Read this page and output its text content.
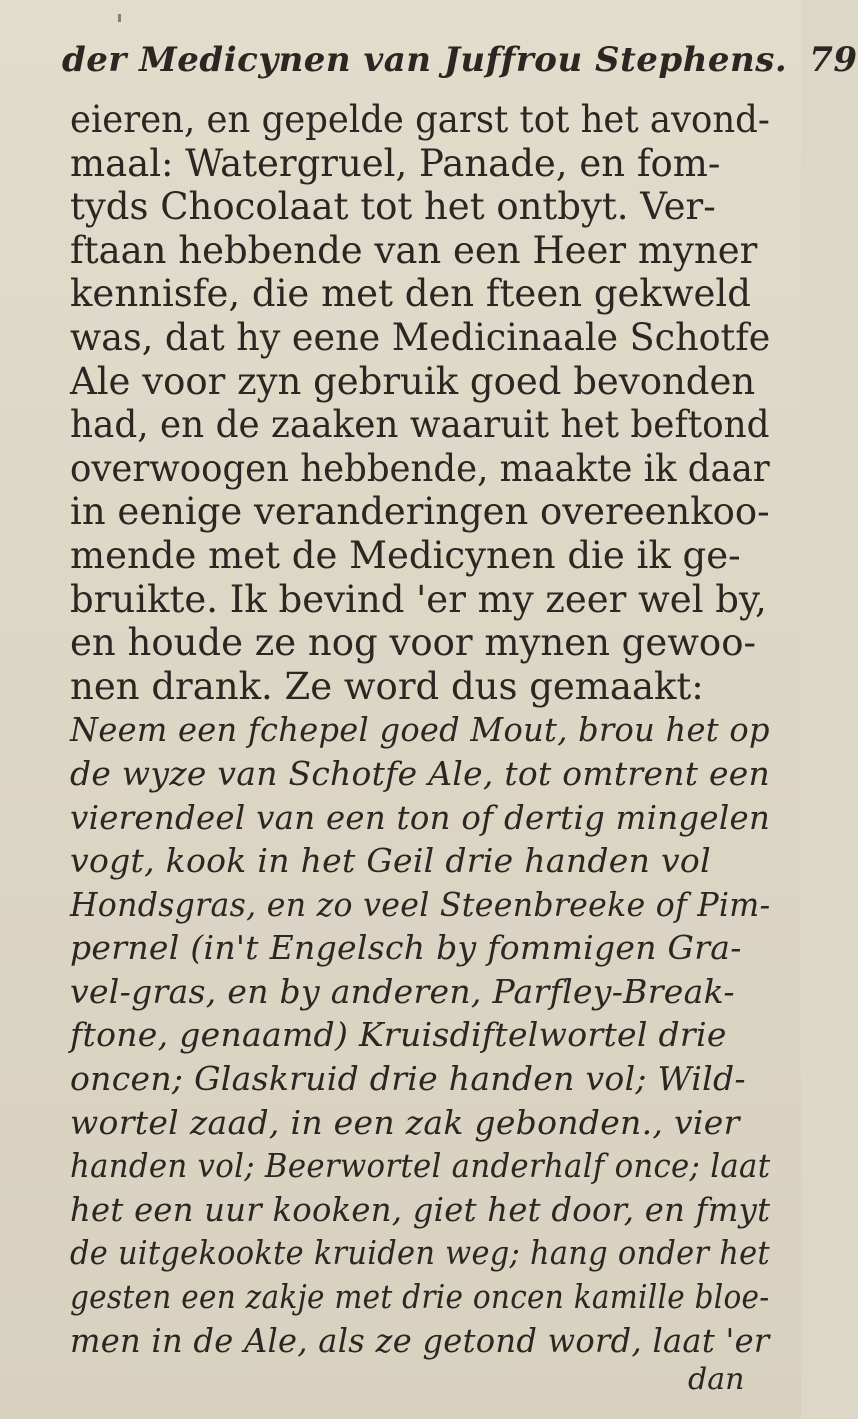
der Medicynen van Juffrou Stephens. 79
eieren, en gepelde garst tot het avond-
maal: Watergruel, Panade, en fom-
tyds Chocolaat tot het ontbyt. Ver-
ftaan hebbende van een Heer myner
kennisfe, die met den fteen gekweld
was, dat hy eene Medicinaale Schotfe
Ale voor zyn gebruik goed bevonden
had, en de zaaken waaruit het beftond
overwoogen hebbende, maakte ik daar
in eenige veranderingen overeenkoo-
mende met de Medicynen die ik ge-
bruikte. Ik bevind 'er my zeer wel by,
en houde ze nog voor mynen gewoo-
nen drank. Ze word dus gemaakt:
Neem een fchepel goed Mout, brou het op
de wyze van Schotfe Ale, tot omtrent een
vierendeel van een ton of dertig mingelen
vogt, kook in het Geil drie handen vol
Hondsgras, en zo veel Steenbreeke of Pim-
pernel (in't Engelsch by fommigen Gra-
vel-gras, en by anderen, Parfley-Break-
ftone, genaamd) Kruisdiftelwortel drie
oncen; Glaskruid drie handen vol; Wild-
wortel zaad, in een zak gebonden., vier
handen vol; Beerwortel anderhalf once; laat
het een uur kooken, giet het door, en fmyt
de uitgekookte kruiden weg; hang onder het
gesten een zakje met drie oncen kamille bloe-
men in de Ale, als ze getond word, laat 'er
dan
